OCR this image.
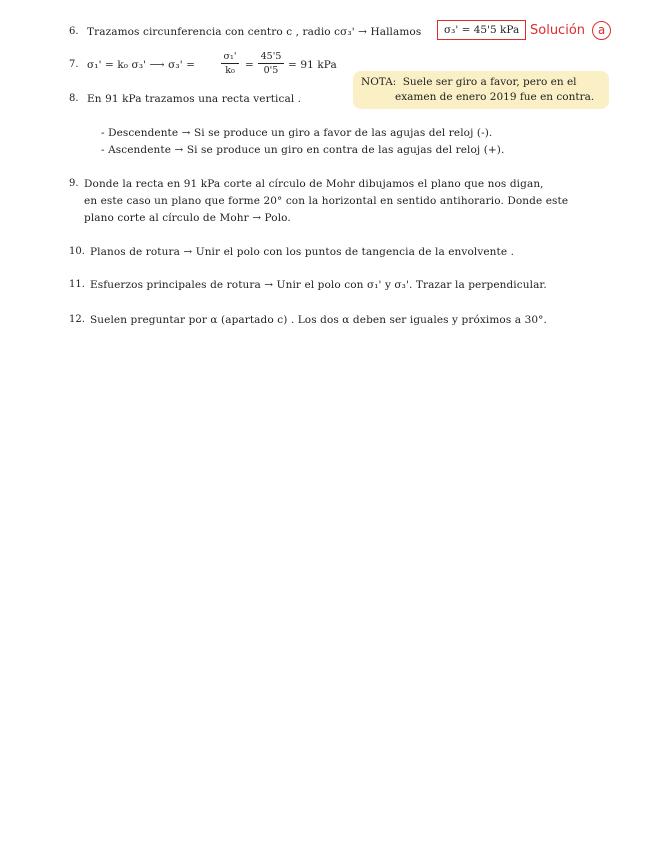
6. Trazamos circunferencia con centro c , radio cσ₃' → Hallamos	σ₃' = 45'5 kPa Solución	a
7. σ₁' = k₀ σ₃' ⟶ σ₃' =
σ₁'
k₀ =
45'5
0'5 = 91 kPa
NOTA: Suele ser giro a favor, pero en el
examen de enero 2019 fue en contra.
8. En 91 kPa trazamos una recta vertical .
- Descendente → Si se produce un giro a favor de las agujas del reloj (-).
- Ascendente → Si se produce un giro en contra de las agujas del reloj (+).
9. Donde la recta en 91 kPa corte al círculo de Mohr dibujamos el plano que nos digan,
en este caso un plano que forme 20° con la horizontal en sentido antihorario. Donde este
plano corte al círculo de Mohr → Polo.
10. Planos de rotura → Unir el polo con los puntos de tangencia de la envolvente .
11. Esfuerzos principales de rotura → Unir el polo con σ₁' y σ₃'. Trazar la perpendicular.
12. Suelen preguntar por α (apartado c) . Los dos α deben ser iguales y próximos a 30°.
